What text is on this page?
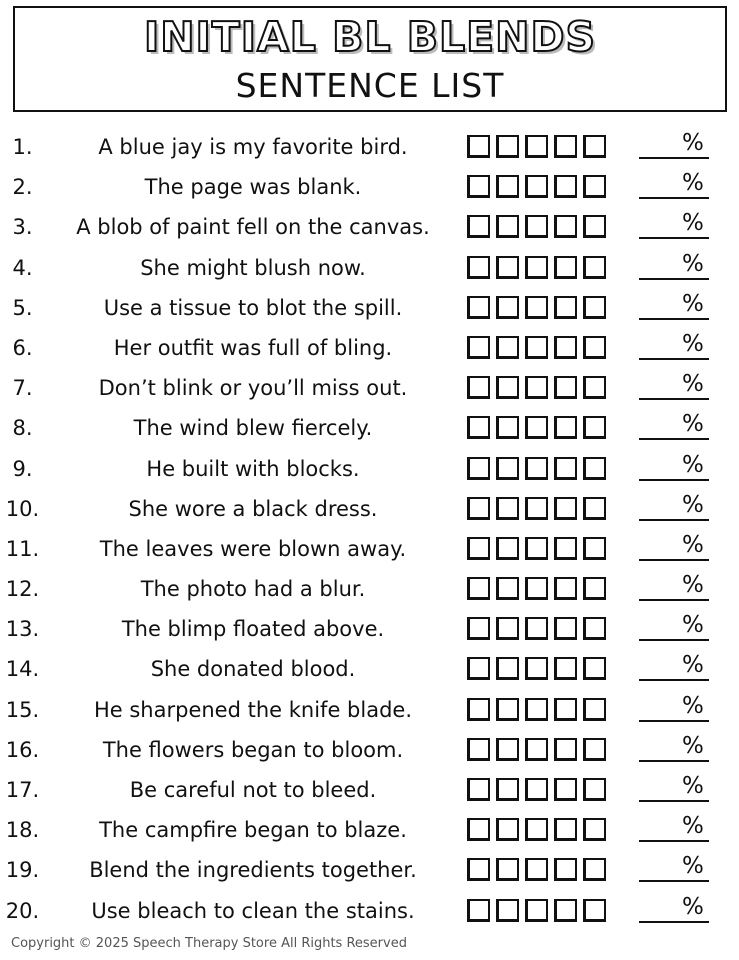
INITIAL BL BLENDS
SENTENCE LIST
1.	A blue jay is my favorite bird.	%
2.	The page was blank.	%
3.	A blob of paint fell on the canvas.	%
4.	She might blush now.	%
5.	Use a tissue to blot the spill.	%
6.	Her outfit was full of bling.	%
7.	Don’t blink or you’ll miss out.	%
8.	The wind blew fiercely.	%
9.	He built with blocks.	%
10.	She wore a black dress.	%
11.	The leaves were blown away.	%
12.	The photo had a blur.	%
13.	The blimp floated above.	%
14.	She donated blood.	%
15.	He sharpened the knife blade.	%
16.	The flowers began to bloom.	%
17.	Be careful not to bleed.	%
18.	The campfire began to blaze.	%
19.	Blend the ingredients together.	%
20.	Use bleach to clean the stains.	%
Copyright © 2025 Speech Therapy Store All Rights Reserved
